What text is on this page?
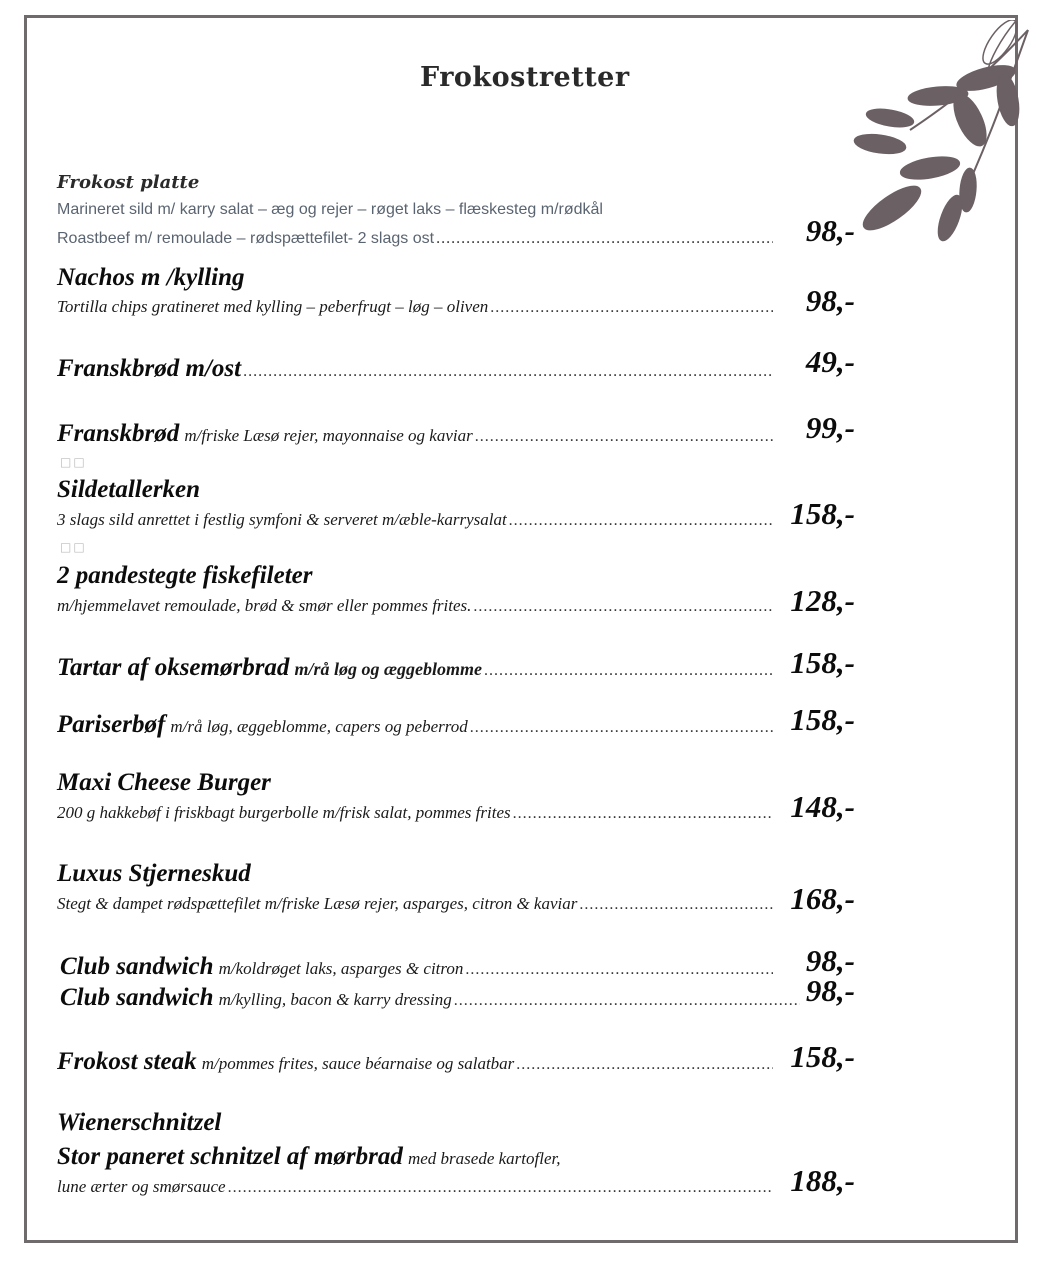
Frokostretter
Frokost platte
Marineret sild m/ karry salat – æg og rejer – røget laks – flæskesteg m/rødkål
Roastbeef m/ remoulade – rødspættefilet- 2 slags ost .....	98,-
Nachos m /kylling
Tortilla chips gratineret med kylling – peberfrugt – løg – oliven .....	98,-
Franskbrød m/ost .....	49,-
Franskbrød
m/friske Læsø rejer, mayonnaise og kaviar .....	99,-
□□
Sildetallerken
3 slags sild anrettet i festlig symfoni & serveret m/æble-karrysalat .....	158,-
□□
2 pandestegte fiskefileter
m/hjemmelavet remoulade, brød & smør eller pommes frites. .....	128,-
Tartar af oksemørbrad
m/rå løg og æggeblomme .....	158,-
Pariserbøf
m/rå løg, æggeblomme, capers og peberrod .....	158,-
Maxi Cheese Burger
200 g hakkebøf i friskbagt burgerbolle m/frisk salat, pommes frites .....	148,-
Luxus Stjerneskud
Stegt & dampet rødspættefilet m/friske Læsø rejer, asparges, citron & kaviar .....	168,-
Club sandwich
m/koldrøget laks, asparges & citron .....	98,-
Club sandwich
m/kylling, bacon & karry dressing .....	98,-
Frokost steak
m/pommes frites, sauce béarnaise og salatbar .....	158,-
Wienerschnitzel
Stor paneret schnitzel af mørbrad med brasede kartofler,
lune ærter og smørsauce .....	188,-
